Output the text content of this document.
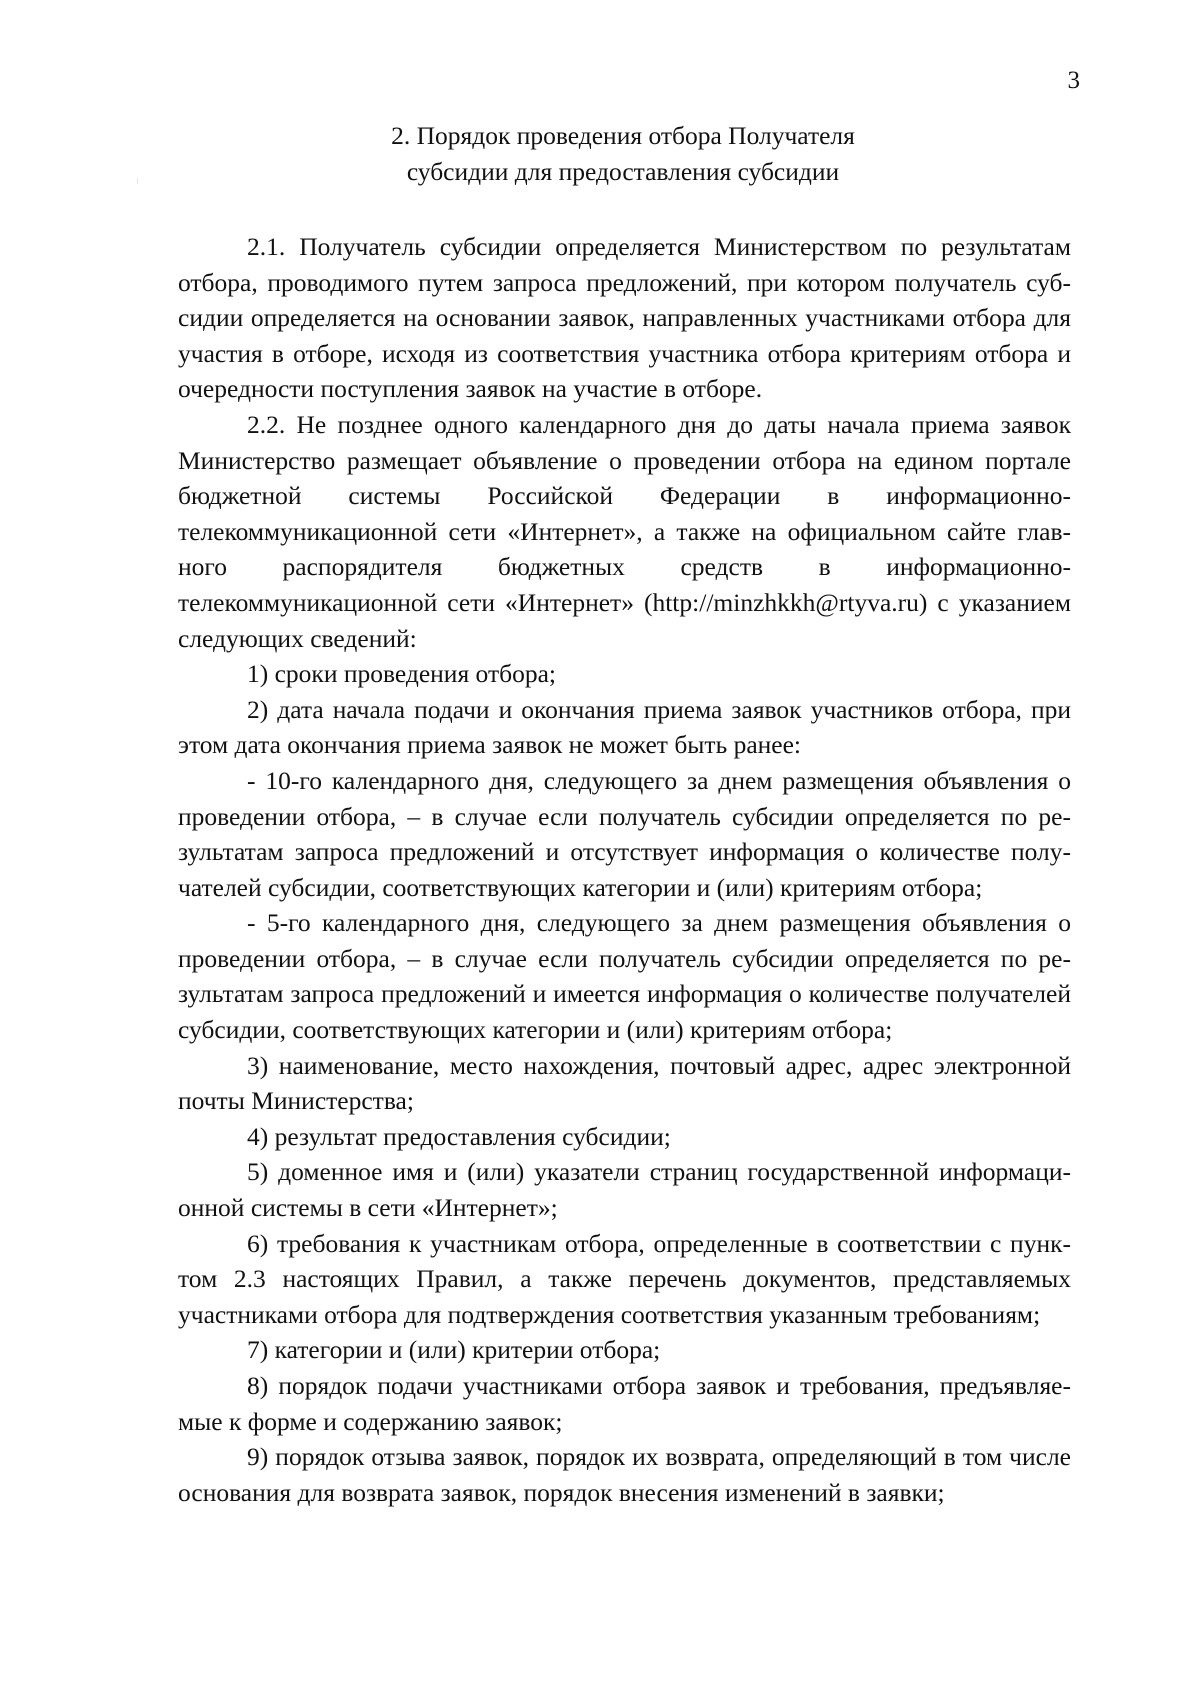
3
2. Порядок проведения отбора Получателя
субсидии для предоставления субсидии

2.1. Получатель субсидии определяется Министерством по результатам отбора, проводимого путем запроса предложений, при котором получатель субсидии определяется на основании заявок, направленных участниками отбора для участия в отборе, исходя из соответствия участника отбора критериям отбора и очередности поступления заявок на участие в отборе.

2.2. Не позднее одного календарного дня до даты начала приема заявок Министерство размещает объявление о проведении отбора на едином портале бюджетной системы Российской Федерации в информационно-телекоммуникационной сети «Интернет», а также на официальном сайте главного распорядителя бюджетных средств в информационно-телекоммуникационной сети «Интернет» (http://minzhkkh@rtyva.ru) с указанием следующих сведений:

1) сроки проведения отбора;

2) дата начала подачи и окончания приема заявок участников отбора, при этом дата окончания приема заявок не может быть ранее:

- 10-го календарного дня, следующего за днем размещения объявления о проведении отбора, – в случае если получатель субсидии определяется по результатам запроса предложений и отсутствует информация о количестве получателей субсидии, соответствующих категории и (или) критериям отбора;

- 5-го календарного дня, следующего за днем размещения объявления о проведении отбора, – в случае если получатель субсидии определяется по результатам запроса предложений и имеется информация о количестве получателей субсидии, соответствующих категории и (или) критериям отбора;

3) наименование, место нахождения, почтовый адрес, адрес электронной почты Министерства;

4) результат предоставления субсидии;

5) доменное имя и (или) указатели страниц государственной информационной системы в сети «Интернет»;

6) требования к участникам отбора, определенные в соответствии с пунктом 2.3 настоящих Правил, а также перечень документов, представляемых участниками отбора для подтверждения соответствия указанным требованиям;

7) категории и (или) критерии отбора;

8) порядок подачи участниками отбора заявок и требования, предъявляемые к форме и содержанию заявок;

9) порядок отзыва заявок, порядок их возврата, определяющий в том числе основания для возврата заявок, порядок внесения изменений в заявки;
